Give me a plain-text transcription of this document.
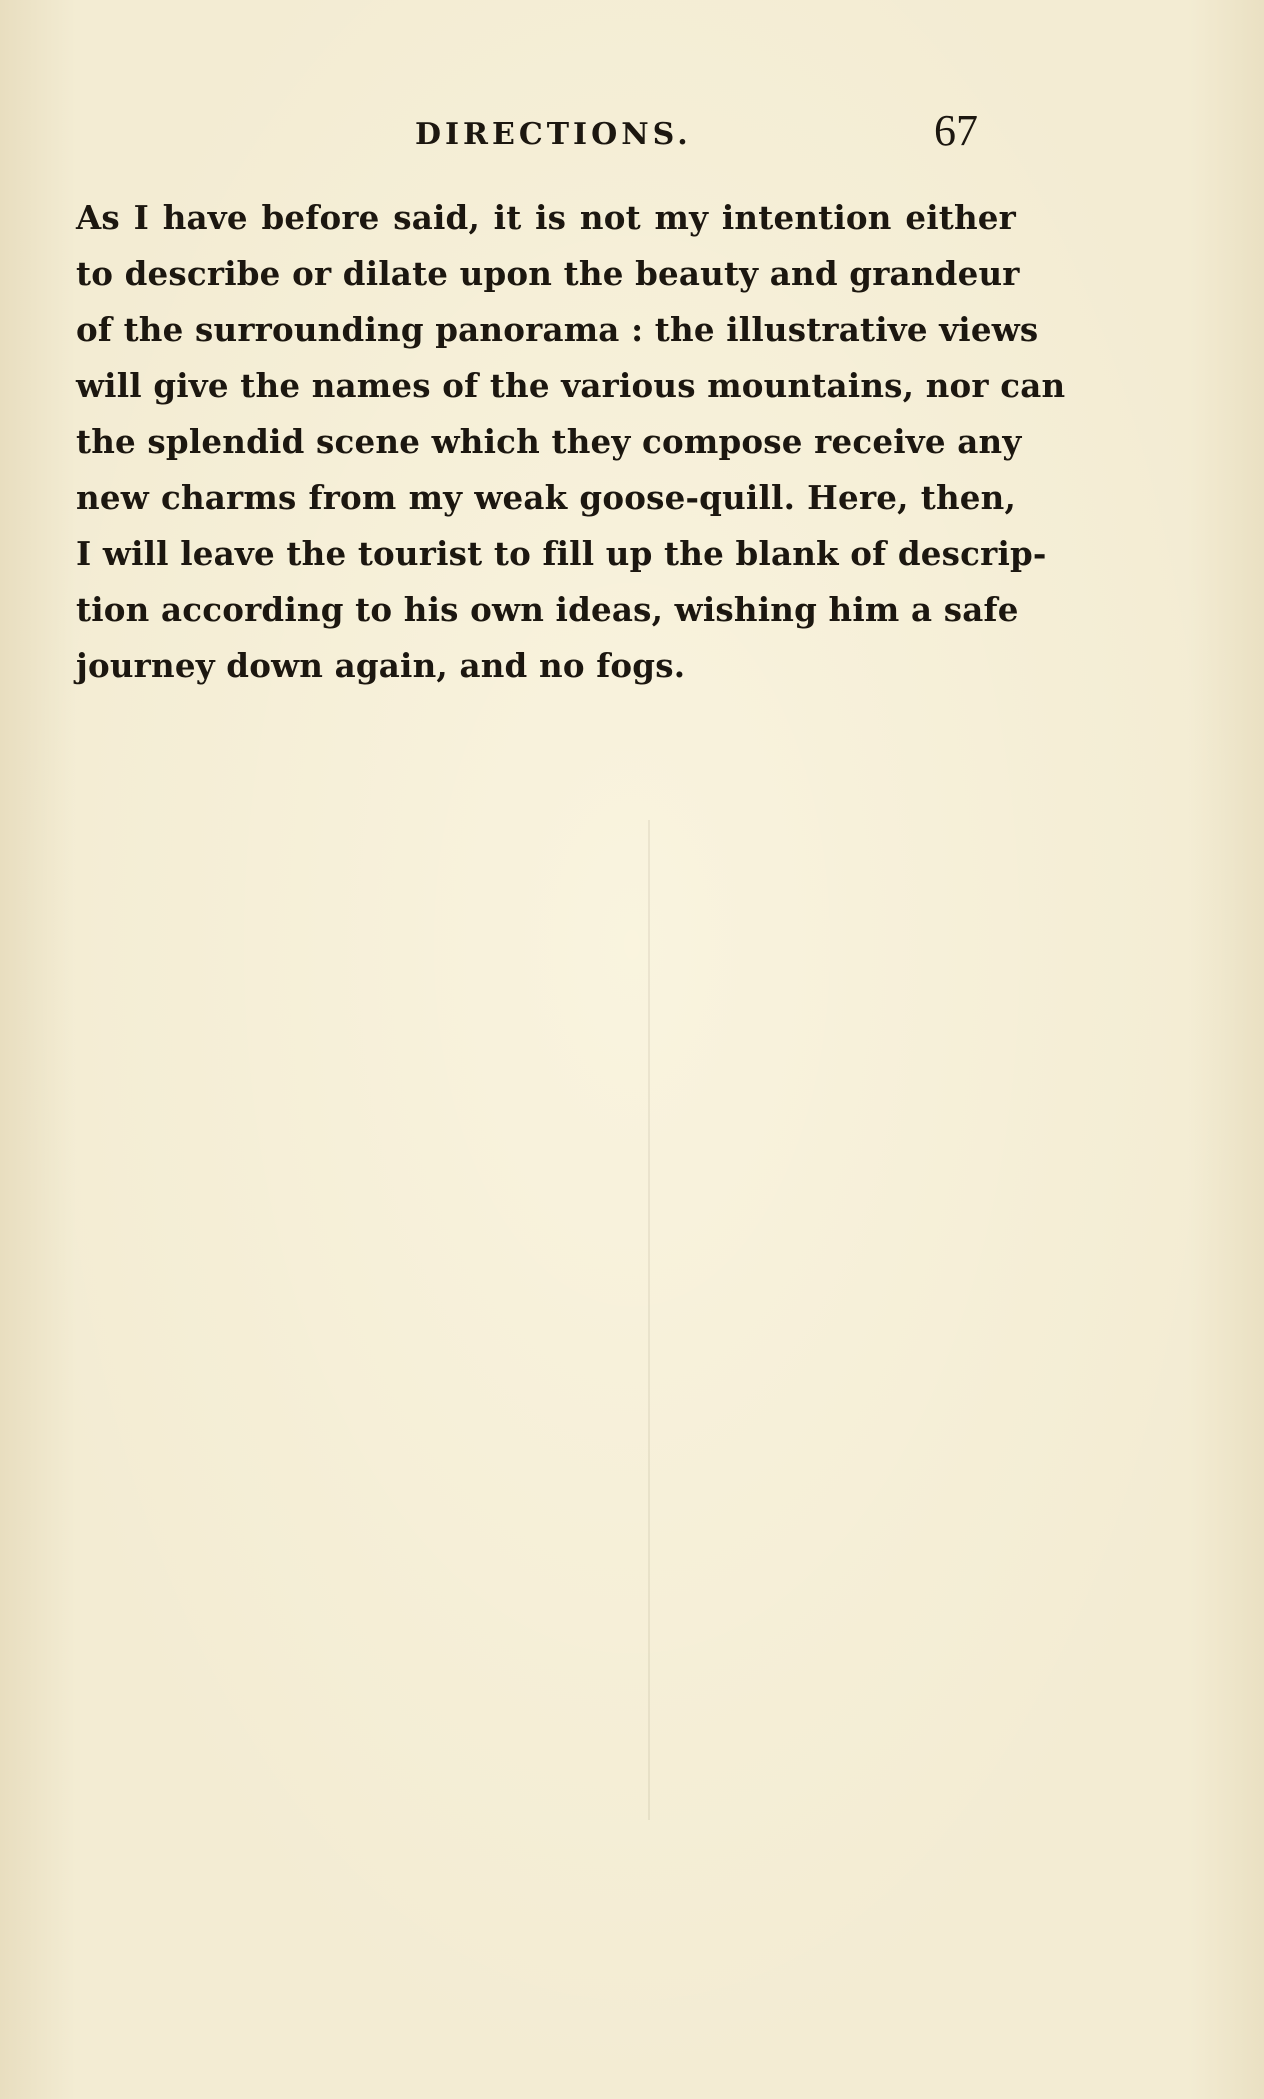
DIRECTIONS.	67
As I have before said, it is not my intention either
to describe or dilate upon the beauty and grandeur
of the surrounding panorama : the illustrative views
will give the names of the various mountains, nor can
the splendid scene which they compose receive any
new charms from my weak goose-quill. Here, then,
I will leave the tourist to fill up the blank of descrip-
tion according to his own ideas, wishing him a safe
journey down again, and no fogs.
